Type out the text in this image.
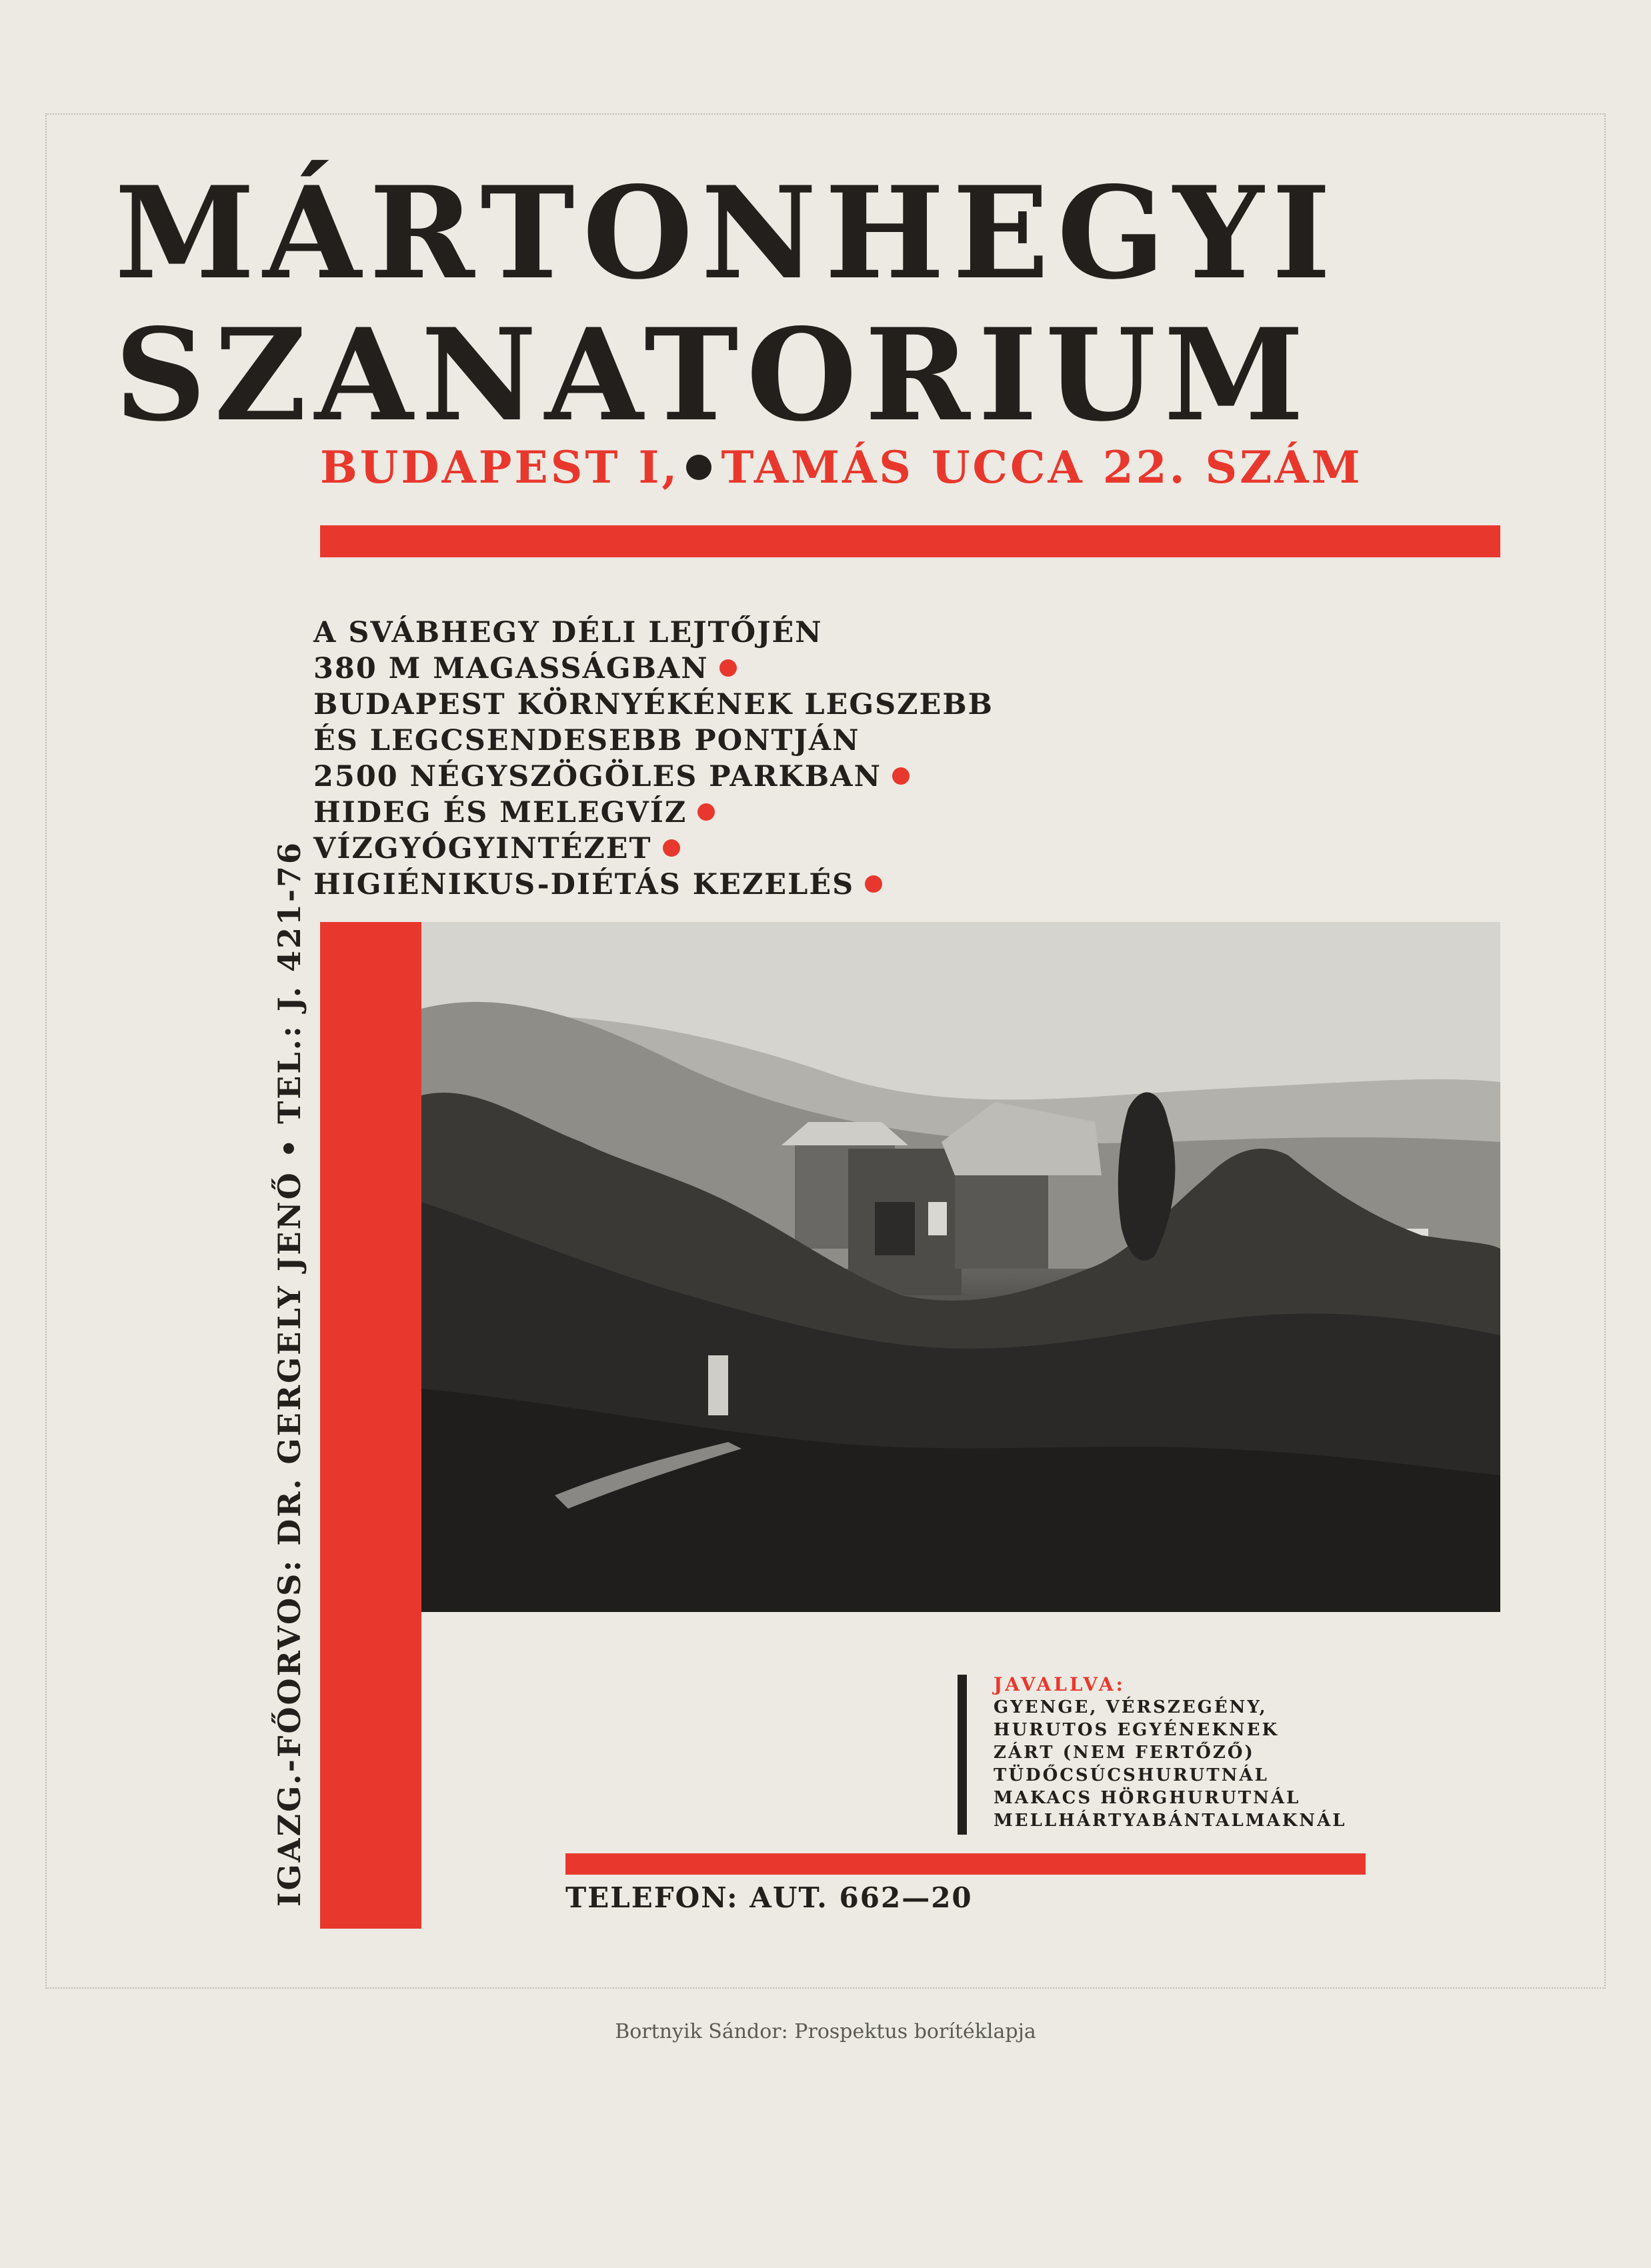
MÁRTONHEGYI
SZANATORIUM
BUDAPEST I, TAMÁS UCCA 22. SZÁM
A SVÁBHEGY DÉLI LEJTŐJÉN
380 M MAGASSÁGBAN
BUDAPEST KÖRNYÉKÉNEK LEGSZEBB
ÉS LEGCSENDESEBB PONTJÁN
2500 NÉGYSZÖGÖLES PARKBAN
HIDEG ÉS MELEGVÍZ
VÍZGYÓGYINTÉZET
HIGIÉNIKUS-DIÉTÁS KEZELÉS
IGAZG.-FŐORVOS: DR. GERGELY JENŐ • TEL.: J. 421-76	JAVALLVA:
GYENGE, VÉRSZEGÉNY,
HURUTOS EGYÉNEKNEK
ZÁRT (NEM FERTŐZŐ)
TÜDŐCSÚCSHURUTNÁL
MAKACS HÖRGHURUTNÁL
MELLHÁRTYABÁNTALMAKNÁL
TELEFON: AUT. 662—20
Bortnyik Sándor: Prospektus borítéklapja
